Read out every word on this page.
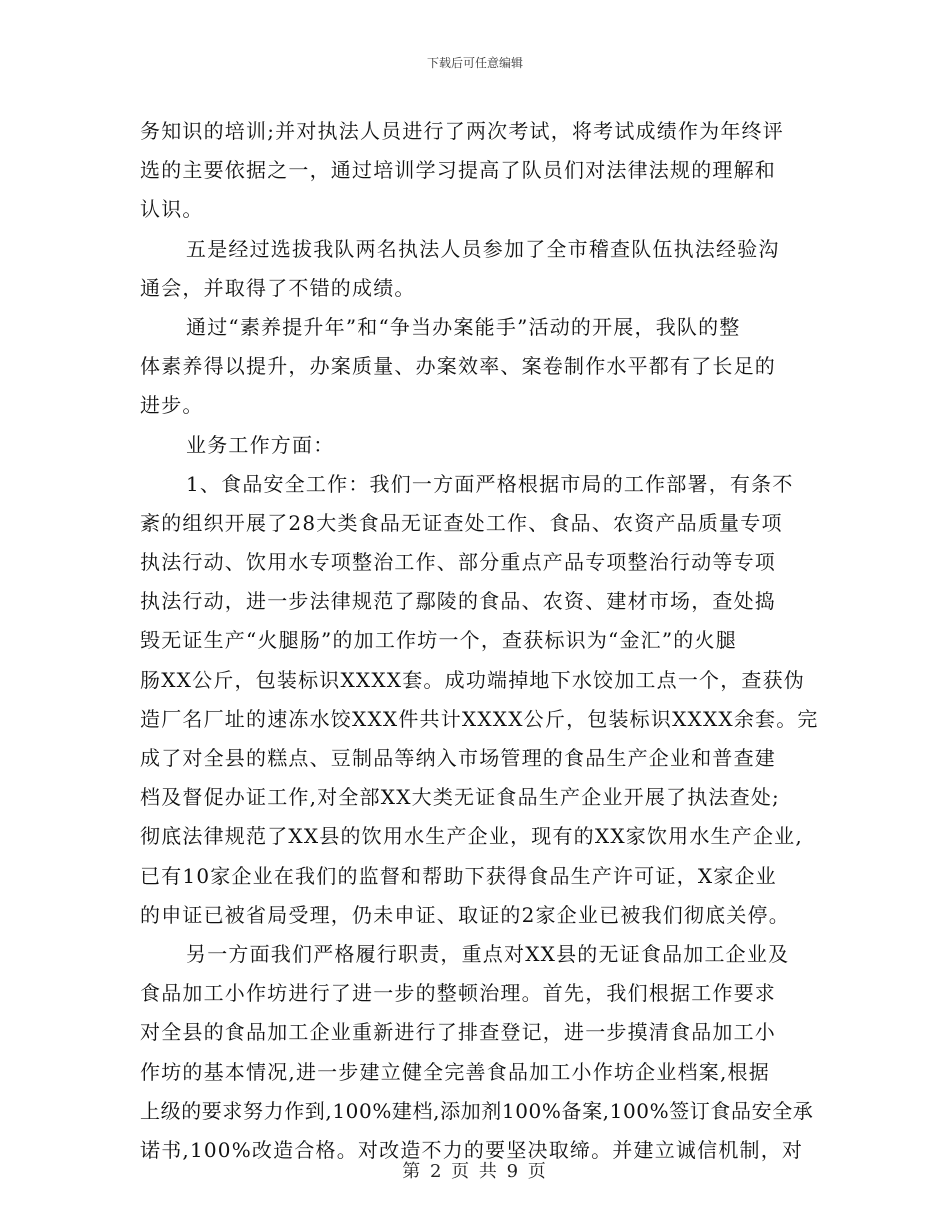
下载后可任意编辑
务知识的培训;并对执法人员进行了两次考试，将考试成绩作为年终评
选的主要依据之一，通过培训学习提高了队员们对法律法规的理解和
认识。
五是经过选拔我队两名执法人员参加了全市稽查队伍执法经验沟
通会，并取得了不错的成绩。
通过“素养提升年”和“争当办案能手”活动的开展，我队的整
体素养得以提升，办案质量、办案效率、案卷制作水平都有了长足的
进步。
业务工作方面：
1、食品安全工作：我们一方面严格根据市局的工作部署，有条不
紊的组织开展了28大类食品无证查处工作、食品、农资产品质量专项
执法行动、饮用水专项整治工作、部分重点产品专项整治行动等专项
执法行动，进一步法律规范了鄢陵的食品、农资、建材市场，查处捣
毁无证生产“火腿肠”的加工作坊一个，查获标识为“金汇”的火腿
肠XX公斤，包装标识XXXX套。成功端掉地下水饺加工点一个，查获伪
造厂名厂址的速冻水饺XXX件共计XXXX公斤，包装标识XXXX余套。完
成了对全县的糕点、豆制品等纳入市场管理的食品生产企业和普查建
档及督促办证工作,对全部XX大类无证食品生产企业开展了执法查处;
彻底法律规范了XX县的饮用水生产企业，现有的XX家饮用水生产企业,
已有10家企业在我们的监督和帮助下获得食品生产许可证，X家企业
的申证已被省局受理，仍未申证、取证的2家企业已被我们彻底关停。
另一方面我们严格履行职责，重点对XX县的无证食品加工企业及
食品加工小作坊进行了进一步的整顿治理。首先，我们根据工作要求
对全县的食品加工企业重新进行了排查登记，进一步摸清食品加工小
作坊的基本情况,进一步建立健全完善食品加工小作坊企业档案,根据
上级的要求努力作到,100%建档,添加剂100%备案,100%签订食品安全承
诺书,100%改造合格。对改造不力的要坚决取缔。并建立诚信机制，对
第 2 页 共 9 页
